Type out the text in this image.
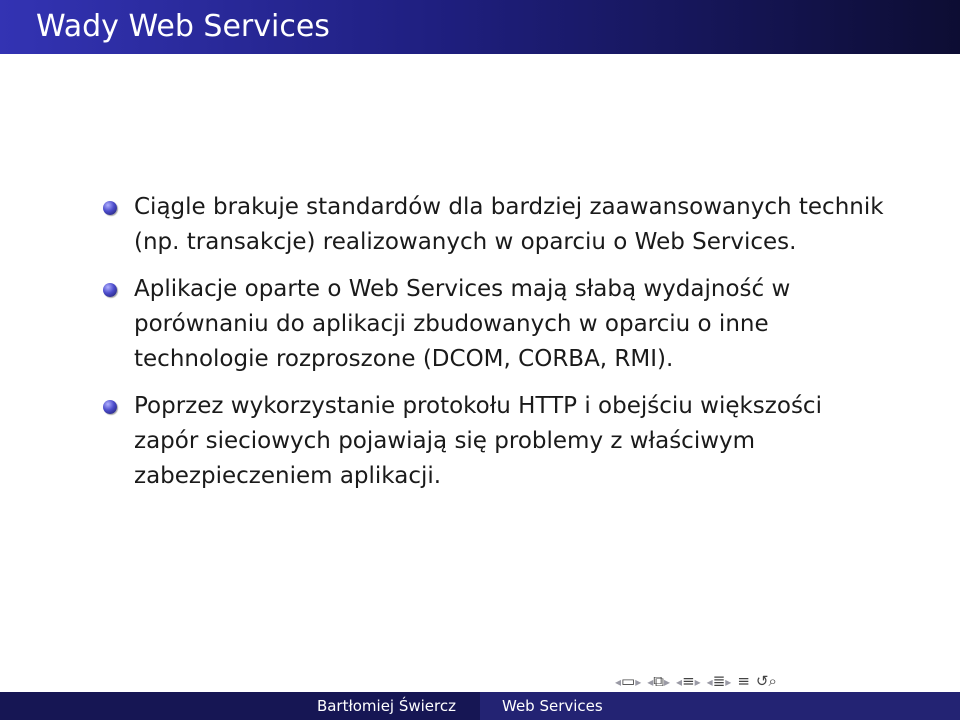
Wady Web Services
Ciągle brakuje standardów dla bardziej zaawansowanych technik (np. transakcje) realizowanych w oparciu o Web Services.
Aplikacje oparte o Web Services mają słabą wydajność w porównaniu do aplikacji zbudowanych w oparciu o inne technologie rozproszone (DCOM, CORBA, RMI).
Poprzez wykorzystanie protokołu HTTP i obejściu większości zapór sieciowych pojawiają się problemy z właściwym zabezpieczeniem aplikacji.
◂▭▸ ◂⧉▸ ◂≡▸ ◂≣▸ ≡ ↺⌕
Bartłomiej Świercz	Web Services
